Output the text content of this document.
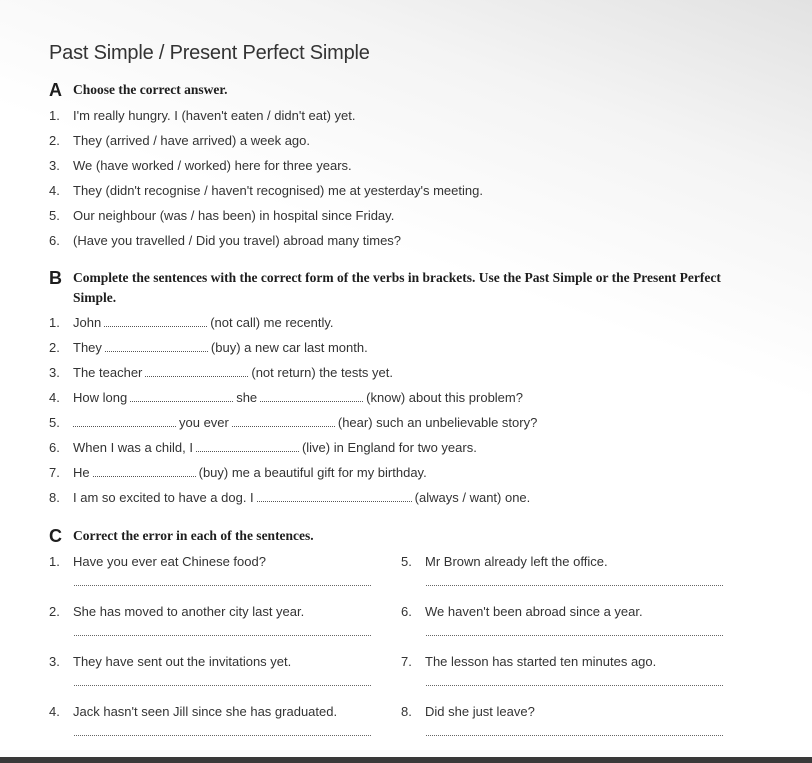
Past Simple / Present Perfect Simple
A Choose the correct answer.
1. I'm really hungry. I (haven't eaten / didn't eat) yet.
2. They (arrived / have arrived) a week ago.
3. We (have worked / worked) here for three years.
4. They (didn't recognise / haven't recognised) me at yesterday's meeting.
5. Our neighbour (was / has been) in hospital since Friday.
6. (Have you travelled / Did you travel) abroad many times?
B Complete the sentences with the correct form of the verbs in brackets. Use the Past Simple or the Present Perfect
Simple.
1. John	(not call) me recently.
2. They	(buy) a new car last month.
3. The teacher	(not return) the tests yet.
4. How long	she	(know) about this problem?
5.	you ever	(hear) such an unbelievable story?
6. When I was a child, I	(live) in England for two years.
7. He	(buy) me a beautiful gift for my birthday.
8. I am so excited to have a dog. I	(always / want) one.
C Correct the error in each of the sentences.
1. Have you ever eat Chinese food?
2. She has moved to another city last year.
3. They have sent out the invitations yet.
4. Jack hasn't seen Jill since she has graduated.
5. Mr Brown already left the office.
6. We haven't been abroad since a year.
7. The lesson has started ten minutes ago.
8. Did she just leave?
